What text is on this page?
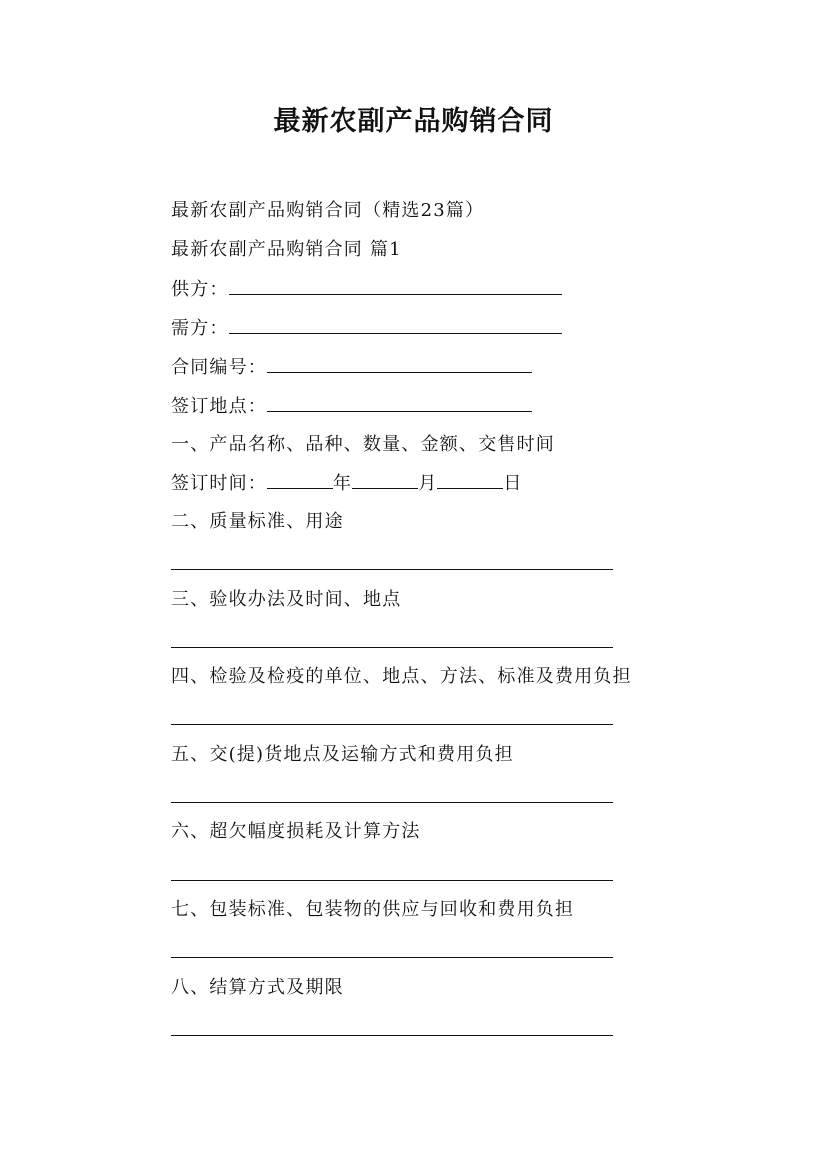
最新农副产品购销合同
最新农副产品购销合同（精选23篇）
最新农副产品购销合同 篇1
供方：
需方：
合同编号：
签订地点：
一、产品名称、品种、数量、金额、交售时间
签订时间：	年	月	日
二、质量标准、用途
三、验收办法及时间、地点
四、检验及检疫的单位、地点、方法、标准及费用负担
五、交(提)货地点及运输方式和费用负担
六、超欠幅度损耗及计算方法
七、包装标准、包装物的供应与回收和费用负担
八、结算方式及期限
